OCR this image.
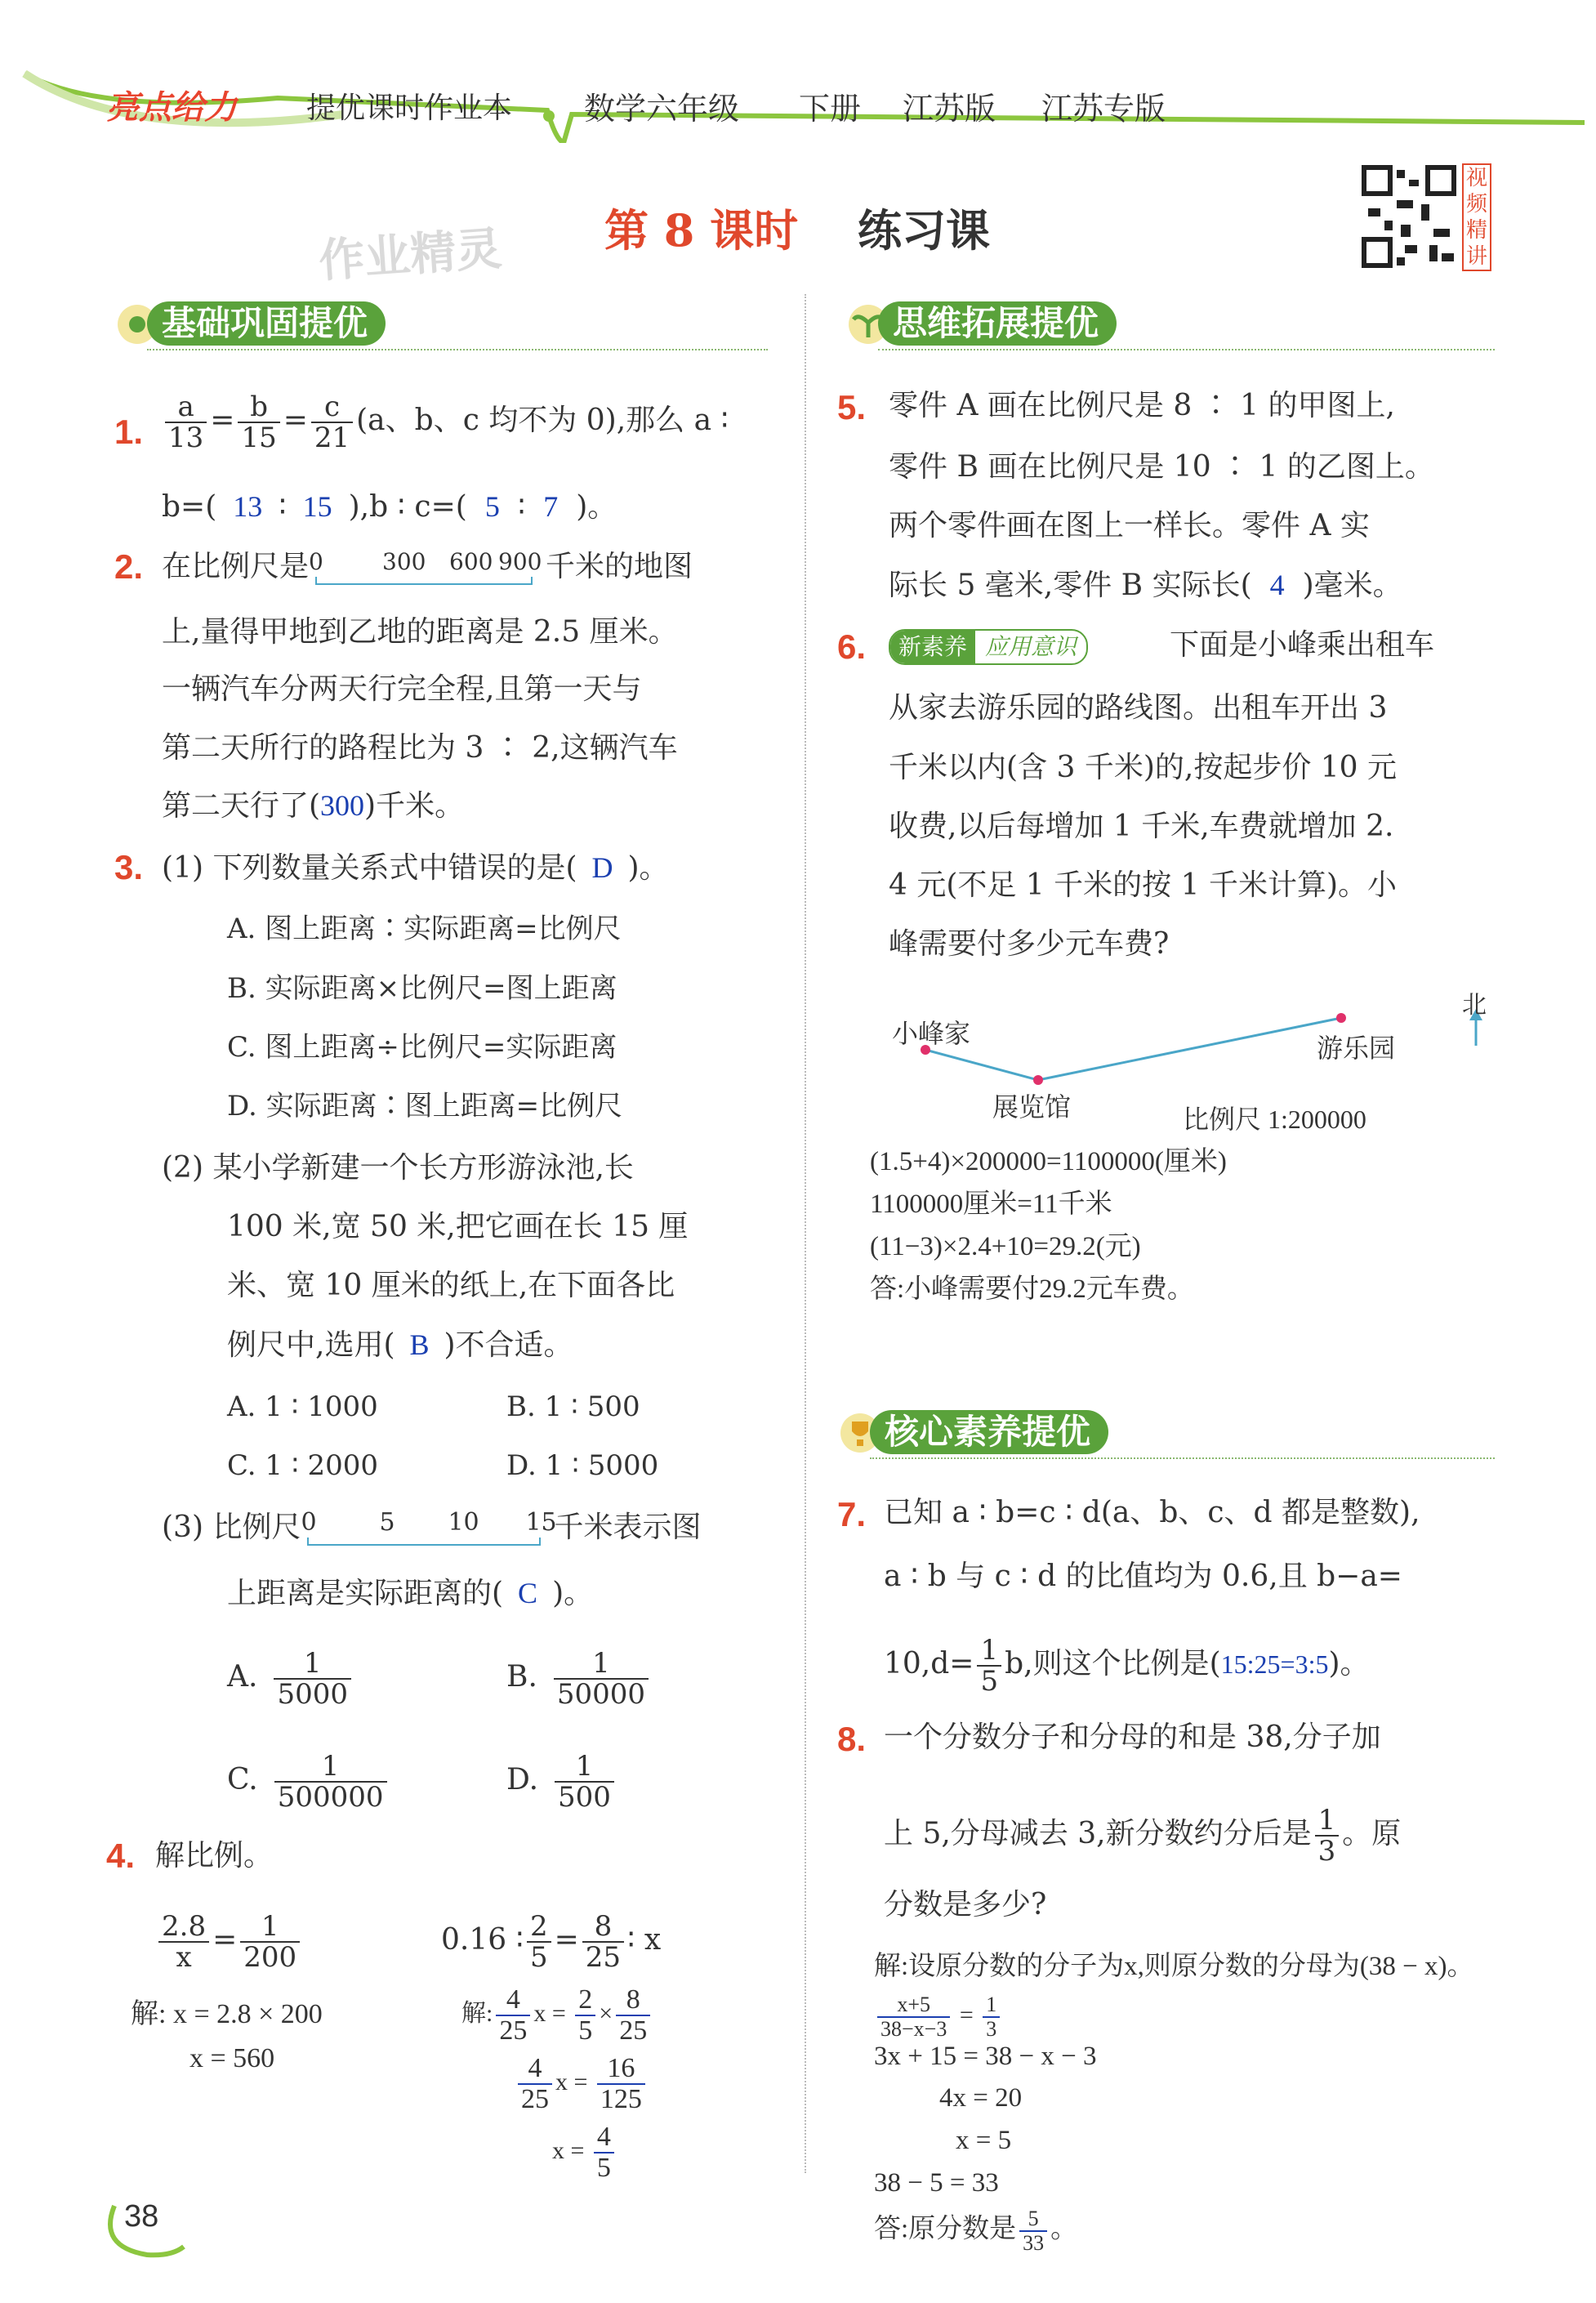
亮点给力 提优课时作业本 数学六年级 下册 江苏版 江苏专版
作业精灵 第 8 课时 练习课
视频精讲
基础巩固提优	思维拓展提优
核心素养提优
1. $\frac{a}{13} = \frac{b}{15} = \frac{c}{21} (a$、b、c 均不为 0),那么 a ∶
b=( 13 ∶ 15 ),b ∶ c=( 5 ∶ 7 )。
2. 在比例尺是 0	300 600 900 千米的地图
上,量得甲地到乙地的距离是 2.5 厘米。
一辆汽车分两天行完全程,且第一天与
第二天所行的路程比为 3 ∶ 2,这辆汽车
第二天行了(300)千米。
3. (1) 下列数量关系式中错误的是( D )。
A. 图上距离∶实际距离=比例尺
B. 实际距离×比例尺=图上距离
C. 图上距离÷比例尺=实际距离
D. 实际距离∶图上距离=比例尺
(2) 某小学新建一个长方形游泳池,长
100 米,宽 50 米,把它画在长 15 厘
米、宽 10 厘米的纸上,在下面各比
例尺中,选用( B )不合适。
A. 1 ∶ 1000	B. 1 ∶ 500
C. 1 ∶ 2000	D. 1 ∶ 5000
(3) 比例尺 0	5 10 15
千米表示图
上距离是实际距离的( C )。
A. $\frac{1}{5000}$	B. $\frac{1}{50000}$
C. $\frac{1}{500000}$	D. $\frac{1}{500}$
4. 解比例。
$\frac{2.8}{x} = \frac{1}{200}$
解: x = 2.8 × 200
x = 560
0.16 ∶ $\frac{2}{5} = \frac{8}{25}$ ∶ x
解: $\frac{4}{25}$ $x = \frac{2}{5} \times \frac{8}{25}$
$\frac{4}{25}$ $x = \frac{16}{125}$
$x = \frac{4}{5}$
5. 零件 A 画在比例尺是 8 ∶ 1 的甲图上,
零件 B 画在比例尺是 10 ∶ 1 的乙图上。
两个零件画在图上一样长。零件 A 实
际长 5 毫米,零件 B 实际长( 4 )毫米。
6.	新素养 应用意识	下面是小峰乘出租车
从家去游乐园的路线图。出租车开出 3
千米以内(含 3 千米)的,按起步价 10 元
收费,以后每增加 1 千米,车费就增加 2.
4 元(不足 1 千米的按 1 千米计算)。小
峰需要付多少元车费?
小峰家
展览馆
游乐园
北
比例尺 1:200000
(1.5+4)×200000=1100000(厘米)
1100000厘米=11千米
(11−3)×2.4+10=29.2(元)
答:小峰需要付29.2元车费。
7. 已知 a ∶ b=c ∶ d(a、b、c、d 都是整数),
a ∶ b 与 c ∶ d 的比值均为 0.6,且 b−a=
$10,d= \frac{1}{5} b$,则这个比例是(15:25=3:5)。
8. 一个分数分子和分母的和是 38,分子加
上 5,分母减去 3,新分数约分后是 $\frac{1}{3}$ 。原
分数是多少?
解:设原分数的分子为x,则原分数的分母为(38 − x)。
$\frac{x+5}{38-x-3} = \frac{1}{3}$
3x + 15 = 38 − x − 3
4x = 20
x = 5
38 − 5 = 33
答:原分数是 $\frac{5}{33}$ 。
38
